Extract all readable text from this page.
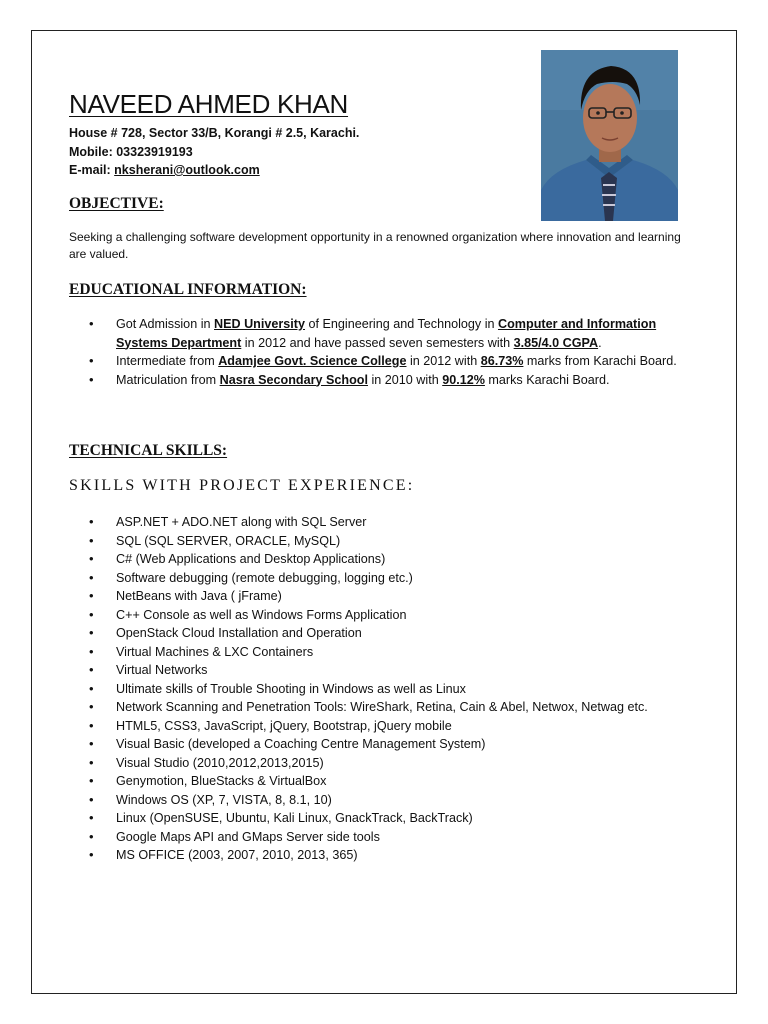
NAVEED AHMED KHAN
House # 728, Sector 33/B, Korangi # 2.5, Karachi.
Mobile: 03323919193
E-mail: nksherani@outlook.com
OBJECTIVE:

Seeking a challenging software development opportunity in a renowned organization where innovation and learning are valued.

EDUCATIONAL INFORMATION:
• Got Admission in NED University of Engineering and Technology in Computer and Information Systems Department in 2012 and have passed seven semesters with 3.85/4.0 CGPA.
• Intermediate from Adamjee Govt. Science College in 2012 with 86.73% marks from Karachi Board.
• Matriculation from Nasra Secondary School in 2010 with 90.12% marks Karachi Board.
TECHNICAL SKILLS:
SKILLS WITH PROJECT EXPERIENCE:
• ASP.NET + ADO.NET along with SQL Server
• SQL (SQL SERVER, ORACLE, MySQL)
• C# (Web Applications and Desktop Applications)
• Software debugging (remote debugging, logging etc.)
• NetBeans with Java ( jFrame)
• C++ Console as well as Windows Forms Application
• OpenStack Cloud Installation and Operation
• Virtual Machines & LXC Containers
• Virtual Networks
• Ultimate skills of Trouble Shooting in Windows as well as Linux
• Network Scanning and Penetration Tools: WireShark, Retina, Cain & Abel, Netwox, Netwag etc.
• HTML5, CSS3, JavaScript, jQuery, Bootstrap, jQuery mobile
• Visual Basic (developed a Coaching Centre Management System)
• Visual Studio (2010,2012,2013,2015)
• Genymotion, BlueStacks & VirtualBox
• Windows OS (XP, 7, VISTA, 8, 8.1, 10)
• Linux (OpenSUSE, Ubuntu, Kali Linux, GnackTrack, BackTrack)
• Google Maps API and GMaps Server side tools
• MS OFFICE (2003, 2007, 2010, 2013, 365)
